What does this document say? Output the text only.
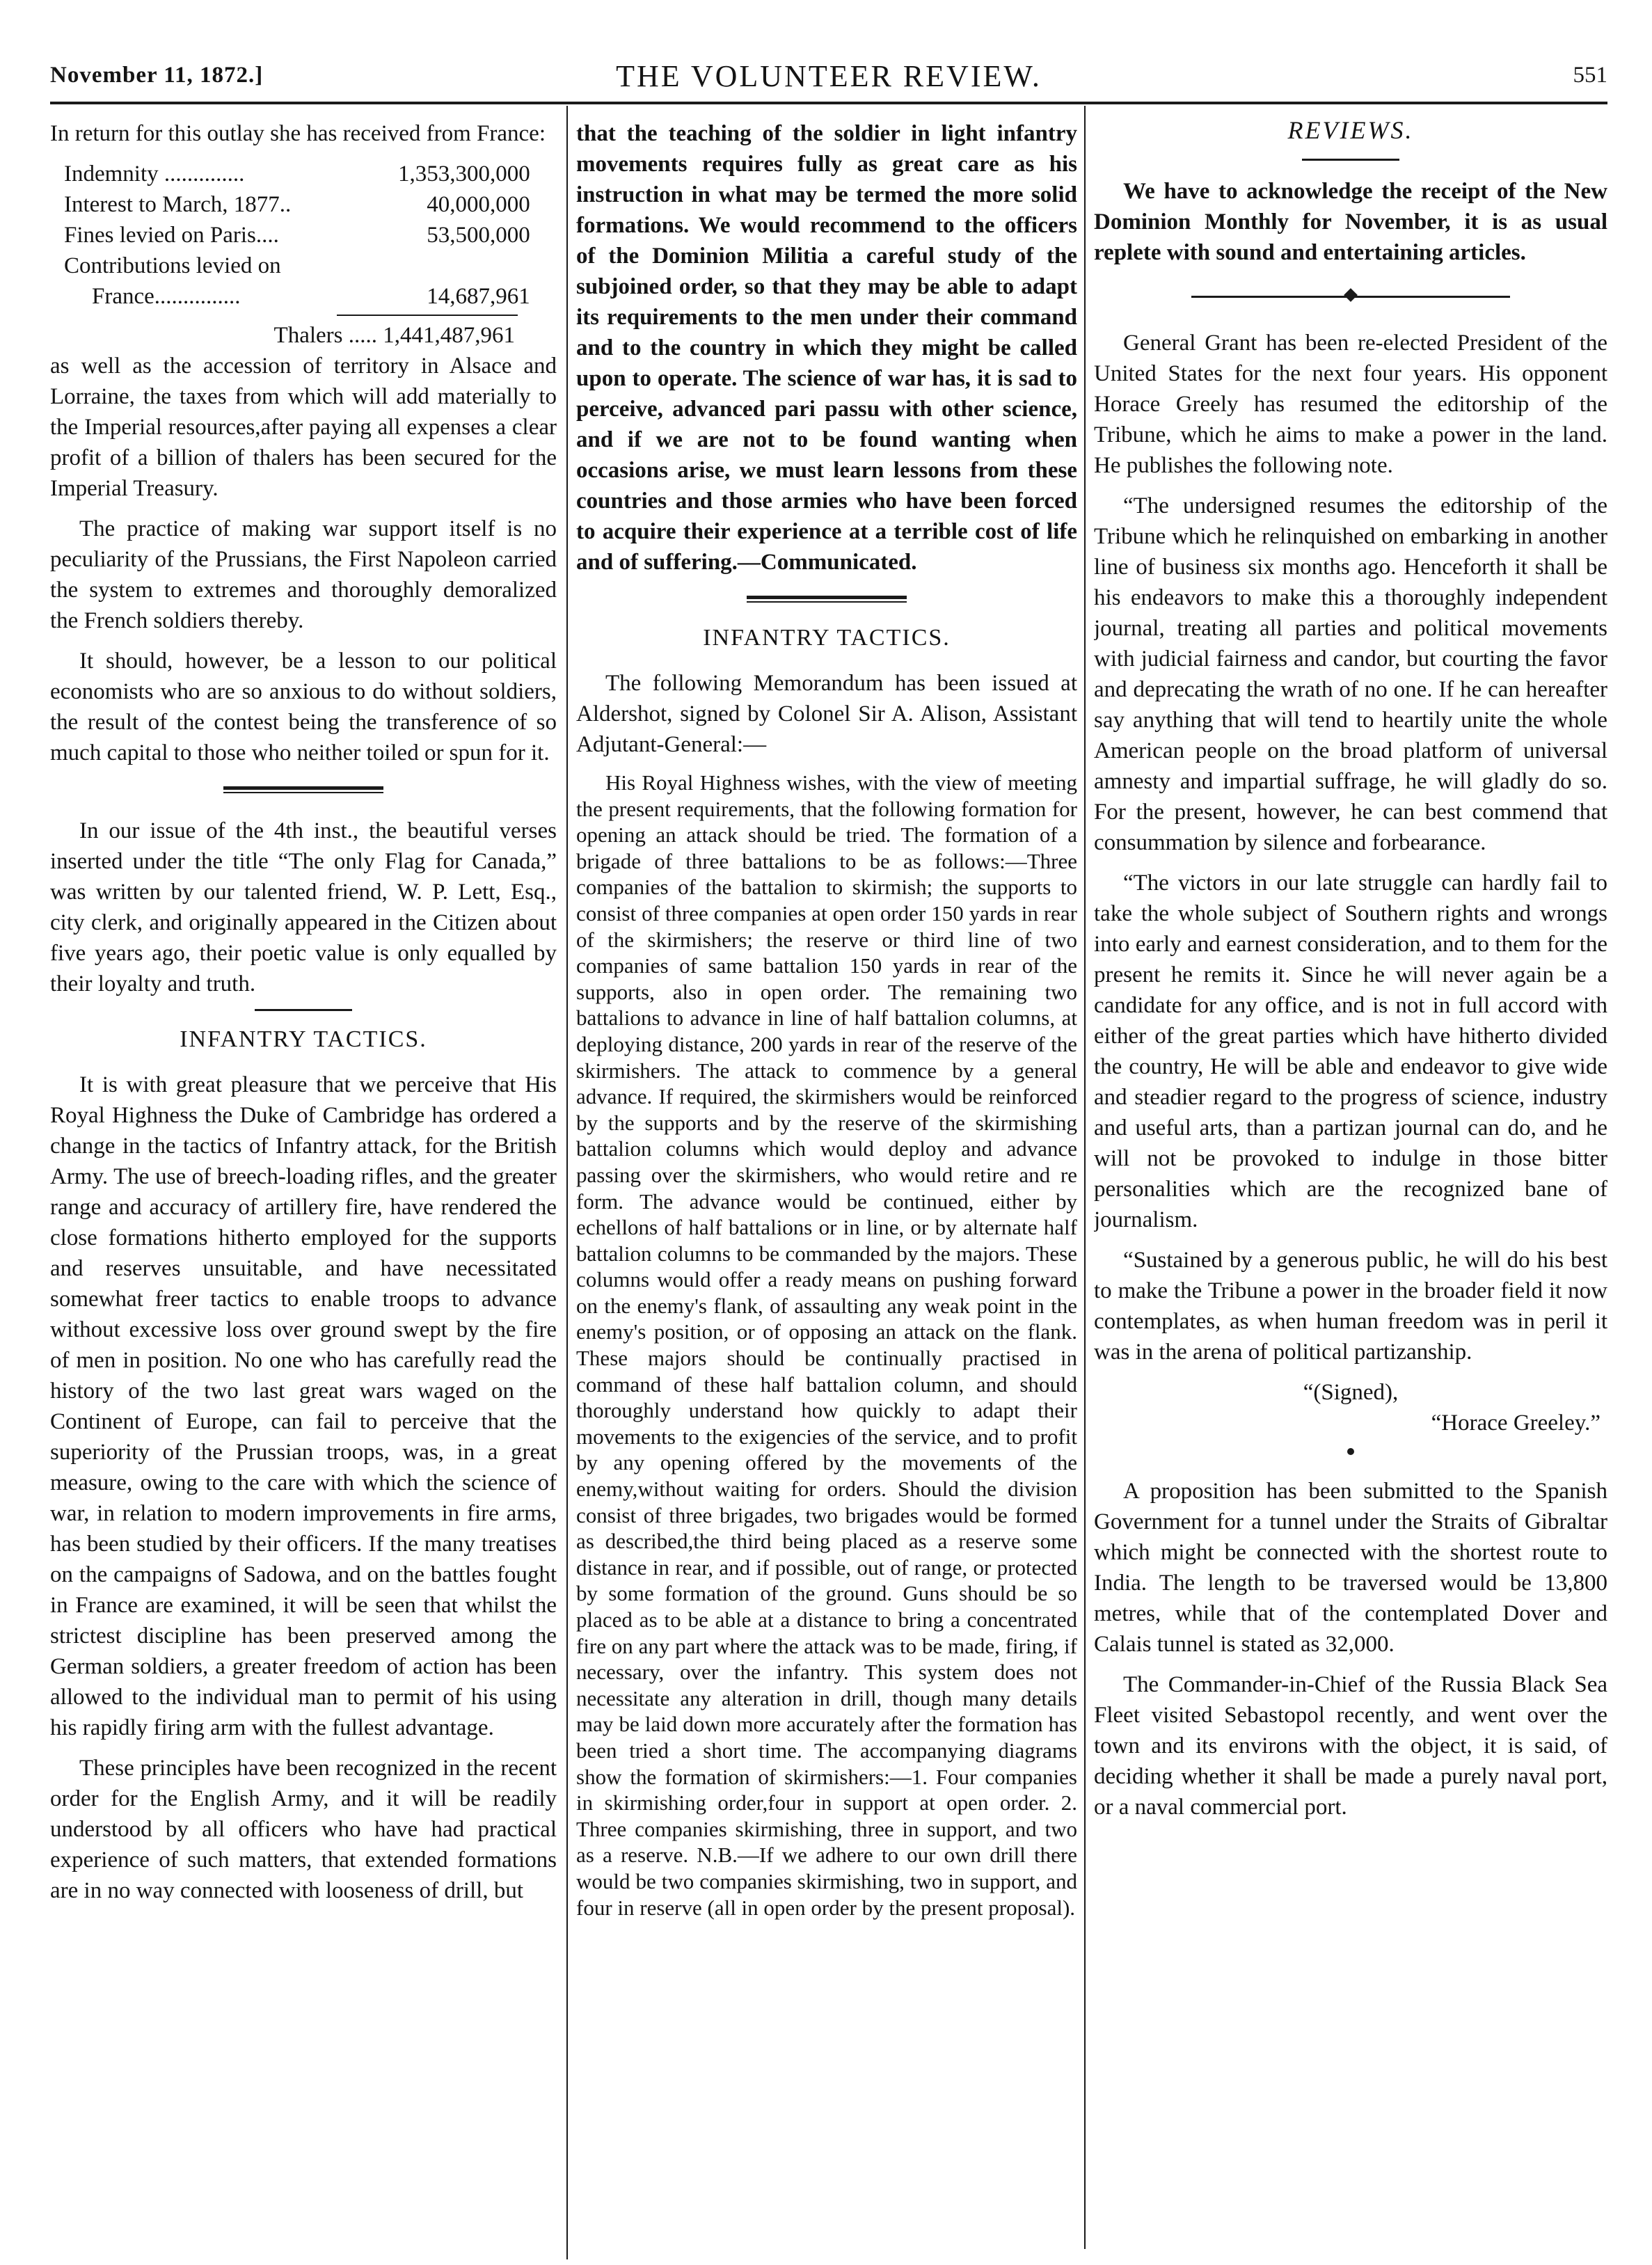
November 11, 1872.]	THE VOLUNTEER REVIEW.	551

In return for this outlay she has received from France:

Indemnity ..............	1,353,300,000
Interest to March, 1877..	40,000,000
Fines levied on Paris....	53,500,000
Contributions levied on	
France...............	14,687,961
Thalers ..... 1,441,487,961

as well as the accession of territory in Alsace and Lorraine, the taxes from which will add materially to the Imperial resources,after paying all expenses a clear profit of a billion of thalers has been secured for the Imperial Treasury.

The practice of making war support itself is no peculiarity of the Prussians, the First Napoleon carried the system to extremes and thoroughly demoralized the French soldiers thereby.

It should, however, be a lesson to our political economists who are so anxious to do without soldiers, the result of the contest being the transference of so much capital to those who neither toiled or spun for it.

In our issue of the 4th inst., the beautiful verses inserted under the title “The only Flag for Canada,” was written by our talented friend, W. P. Lett, Esq., city clerk, and originally appeared in the Citizen about five years ago, their poetic value is only equalled by their loyalty and truth.

INFANTRY TACTICS.

It is with great pleasure that we perceive that His Royal Highness the Duke of Cambridge has ordered a change in the tactics of Infantry attack, for the British Army. The use of breech-loading rifles, and the greater range and accuracy of artillery fire, have rendered the close formations hitherto employed for the supports and reserves unsuitable, and have necessitated somewhat freer tactics to enable troops to advance without excessive loss over ground swept by the fire of men in position. No one who has carefully read the history of the two last great wars waged on the Continent of Europe, can fail to perceive that the superiority of the Prussian troops, was, in a great measure, owing to the care with which the science of war, in relation to modern improvements in fire arms, has been studied by their officers. If the many treatises on the campaigns of Sadowa, and on the battles fought in France are examined, it will be seen that whilst the strictest discipline has been preserved among the German soldiers, a greater freedom of action has been allowed to the individual man to permit of his using his rapidly firing arm with the fullest advantage.

These principles have been recognized in the recent order for the English Army, and it will be readily understood by all officers who have had practical experience of such matters, that extended formations are in no way connected with looseness of drill, but

that the teaching of the soldier in light infantry movements requires fully as great care as his instruction in what may be termed the more solid formations. We would recommend to the officers of the Dominion Militia a careful study of the subjoined order, so that they may be able to adapt its requirements to the men under their command and to the country in which they might be called upon to operate. The science of war has, it is sad to perceive, advanced pari passu with other science, and if we are not to be found wanting when occasions arise, we must learn lessons from these countries and those armies who have been forced to acquire their experience at a terrible cost of life and of suffering.—Communicated.

INFANTRY TACTICS.

The following Memorandum has been issued at Aldershot, signed by Colonel Sir A. Alison, Assistant Adjutant-General:—

His Royal Highness wishes, with the view of meeting the present requirements, that the following formation for opening an attack should be tried. The formation of a brigade of three battalions to be as follows:—Three companies of the battalion to skirmish; the supports to consist of three companies at open order 150 yards in rear of the skirmishers; the reserve or third line of two companies of same battalion 150 yards in rear of the supports, also in open order. The remaining two battalions to advance in line of half battalion columns, at deploying distance, 200 yards in rear of the reserve of the skirmishers. The attack to commence by a general advance. If required, the skirmishers would be reinforced by the supports and by the reserve of the skirmishing battalion columns which would deploy and advance passing over the skirmishers, who would retire and re form. The advance would be continued, either by echellons of half battalions or in line, or by alternate half battalion columns to be commanded by the majors. These columns would offer a ready means on pushing forward on the enemy's flank, of assaulting any weak point in the enemy's position, or of opposing an attack on the flank. These majors should be continually practised in command of these half battalion column, and should thoroughly understand how quickly to adapt their movements to the exigencies of the service, and to profit by any opening offered by the movements of the enemy,without waiting for orders. Should the division consist of three brigades, two brigades would be formed as described,the third being placed as a reserve some distance in rear, and if possible, out of range, or protected by some formation of the ground. Guns should be so placed as to be able at a distance to bring a concentrated fire on any part where the attack was to be made, firing, if necessary, over the infantry. This system does not necessitate any alteration in drill, though many details may be laid down more accurately after the formation has been tried a short time. The accompanying diagrams show the formation of skirmishers:—1. Four companies in skirmishing order,four in support at open order. 2. Three companies skirmishing, three in support, and two as a reserve. N.B.—If we adhere to our own drill there would be two companies skirmishing, two in support, and four in reserve (all in open order by the present proposal).

REVIEWS.

We have to acknowledge the receipt of the New Dominion Monthly for November, it is as usual replete with sound and entertaining articles.

General Grant has been re-elected President of the United States for the next four years. His opponent Horace Greely has resumed the editorship of the Tribune, which he aims to make a power in the land. He publishes the following note.

“The undersigned resumes the editorship of the Tribune which he relinquished on embarking in another line of business six months ago. Henceforth it shall be his endeavors to make this a thoroughly independent journal, treating all parties and political movements with judicial fairness and candor, but courting the favor and deprecating the wrath of no one. If he can hereafter say anything that will tend to heartily unite the whole American people on the broad platform of universal amnesty and impartial suffrage, he will gladly do so. For the present, however, he can best commend that consummation by silence and forbearance.

“The victors in our late struggle can hardly fail to take the whole subject of Southern rights and wrongs into early and earnest consideration, and to them for the present he remits it. Since he will never again be a candidate for any office, and is not in full accord with either of the great parties which have hitherto divided the country, He will be able and endeavor to give wide and steadier regard to the progress of science, industry and useful arts, than a partizan journal can do, and he will not be provoked to indulge in those bitter personalities which are the recognized bane of journalism.

“Sustained by a generous public, he will do his best to make the Tribune a power in the broader field it now contemplates, as when human freedom was in peril it was in the arena of political partizanship.

“(Signed),
“Horace Greeley.”

A proposition has been submitted to the Spanish Government for a tunnel under the Straits of Gibraltar which might be connected with the shortest route to India. The length to be traversed would be 13,800 metres, while that of the contemplated Dover and Calais tunnel is stated as 32,000.

The Commander-in-Chief of the Russia Black Sea Fleet visited Sebastopol recently, and went over the town and its environs with the object, it is said, of deciding whether it shall be made a purely naval port, or a naval commercial port.
